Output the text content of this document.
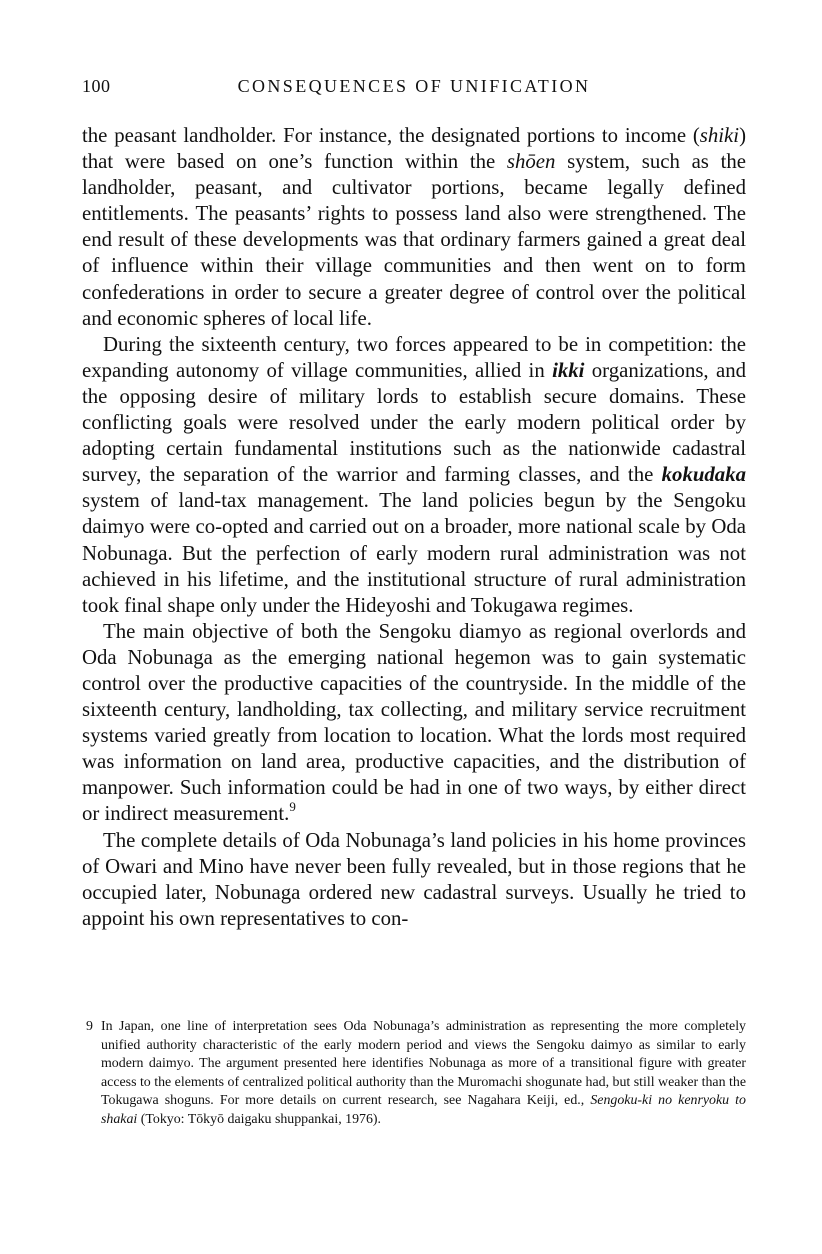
100	CONSEQUENCES OF UNIFICATION

the peasant landholder. For instance, the designated portions to income (shiki) that were based on one’s function within the shōen system, such as the landholder, peasant, and cultivator portions, became legally defined entitlements. The peasants’ rights to possess land also were strengthened. The end result of these developments was that ordinary farmers gained a great deal of influence within their village communities and then went on to form confederations in order to secure a greater degree of control over the political and economic spheres of local life.

During the sixteenth century, two forces appeared to be in competition: the expanding autonomy of village communities, allied in ikki organizations, and the opposing desire of military lords to establish secure domains. These conflicting goals were resolved under the early modern political order by adopting certain fundamental institutions such as the nationwide cadastral survey, the separation of the warrior and farming classes, and the kokudaka system of land-tax management. The land policies begun by the Sengoku daimyo were co-opted and carried out on a broader, more national scale by Oda Nobunaga. But the perfection of early modern rural administration was not achieved in his lifetime, and the institutional structure of rural administration took final shape only under the Hideyoshi and Tokugawa regimes.

The main objective of both the Sengoku diamyo as regional overlords and Oda Nobunaga as the emerging national hegemon was to gain systematic control over the productive capacities of the countryside. In the middle of the sixteenth century, landholding, tax collecting, and military service recruitment systems varied greatly from location to location. What the lords most required was information on land area, productive capacities, and the distribution of manpower. Such information could be had in one of two ways, by either direct or indirect measurement.$^9$

The complete details of Oda Nobunaga’s land policies in his home provinces of Owari and Mino have never been fully revealed, but in those regions that he occupied later, Nobunaga ordered new cadastral surveys. Usually he tried to appoint his own representatives to con-

9 In Japan, one line of interpretation sees Oda Nobunaga’s administration as representing the more completely unified authority characteristic of the early modern period and views the Sengoku daimyo as similar to early modern daimyo. The argument presented here identifies Nobunaga as more of a transitional figure with greater access to the elements of centralized political authority than the Muromachi shogunate had, but still weaker than the Tokugawa shoguns. For more details on current research, see Nagahara Keiji, ed., Sengoku-ki no kenryoku to shakai (Tokyo: Tōkyō daigaku shuppankai, 1976).
